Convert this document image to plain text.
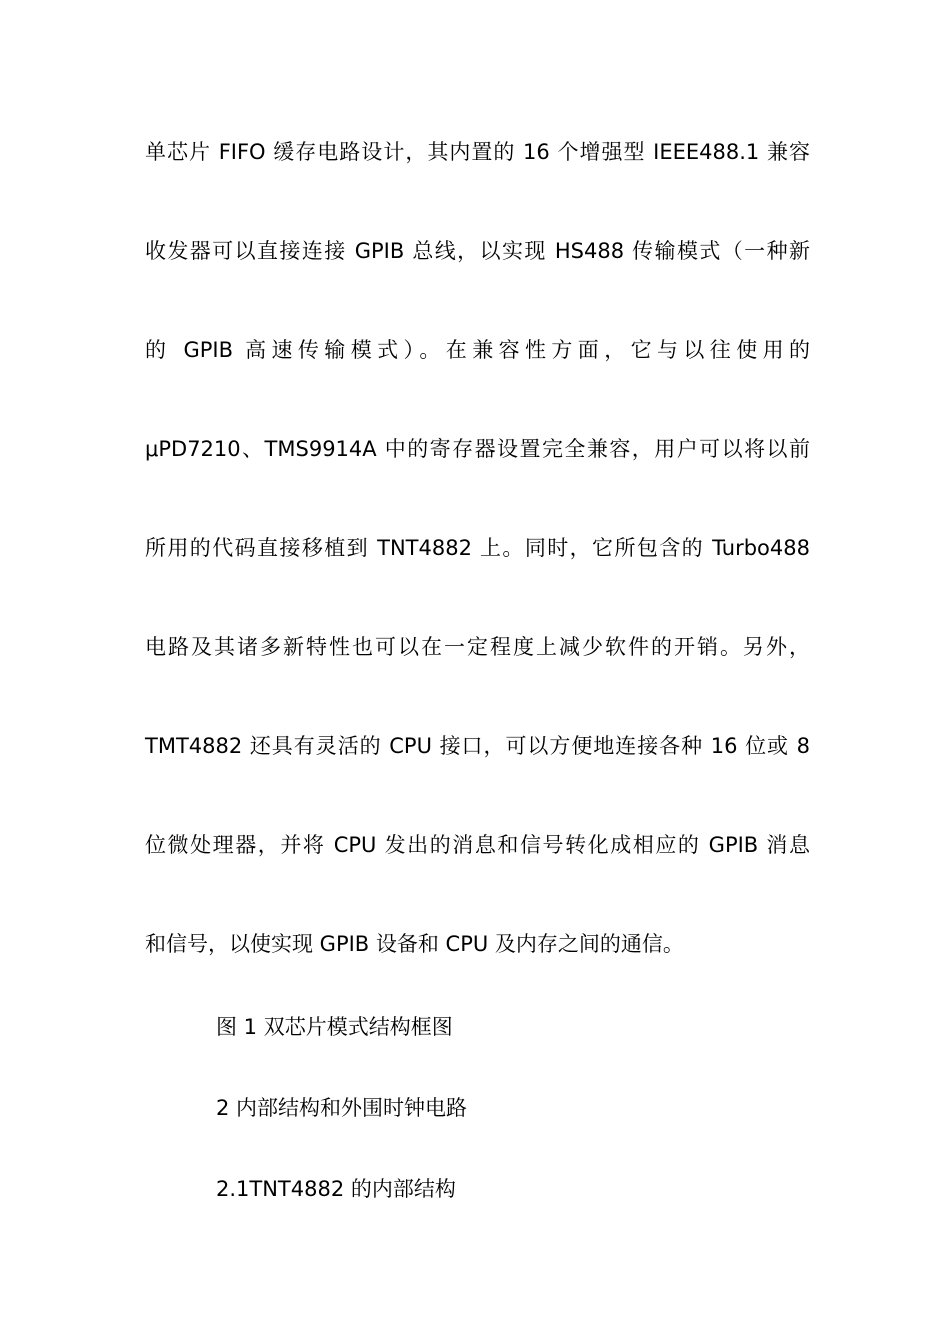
单芯片 FIFO 缓存电路设计，其内置的 16 个增强型 IEEE488.1 兼容
收发器可以直接连接 GPIB 总线，以实现 HS488 传输模式（一种新
的 GPIB 高速传输模式）。在兼容性方面，它与以往使用的
μPD7210、TMS9914A 中的寄存器设置完全兼容，用户可以将以前
所用的代码直接移植到 TNT4882 上。同时，它所包含的 Turbo488
电路及其诸多新特性也可以在一定程度上减少软件的开销。另外，
TMT4882 还具有灵活的 CPU 接口，可以方便地连接各种 16 位或 8
位微处理器，并将 CPU 发出的消息和信号转化成相应的 GPIB 消息
和信号，以使实现 GPIB 设备和 CPU 及内存之间的通信。
图 1 双芯片模式结构框图
2 内部结构和外围时钟电路
2.1TNT4882 的内部结构
